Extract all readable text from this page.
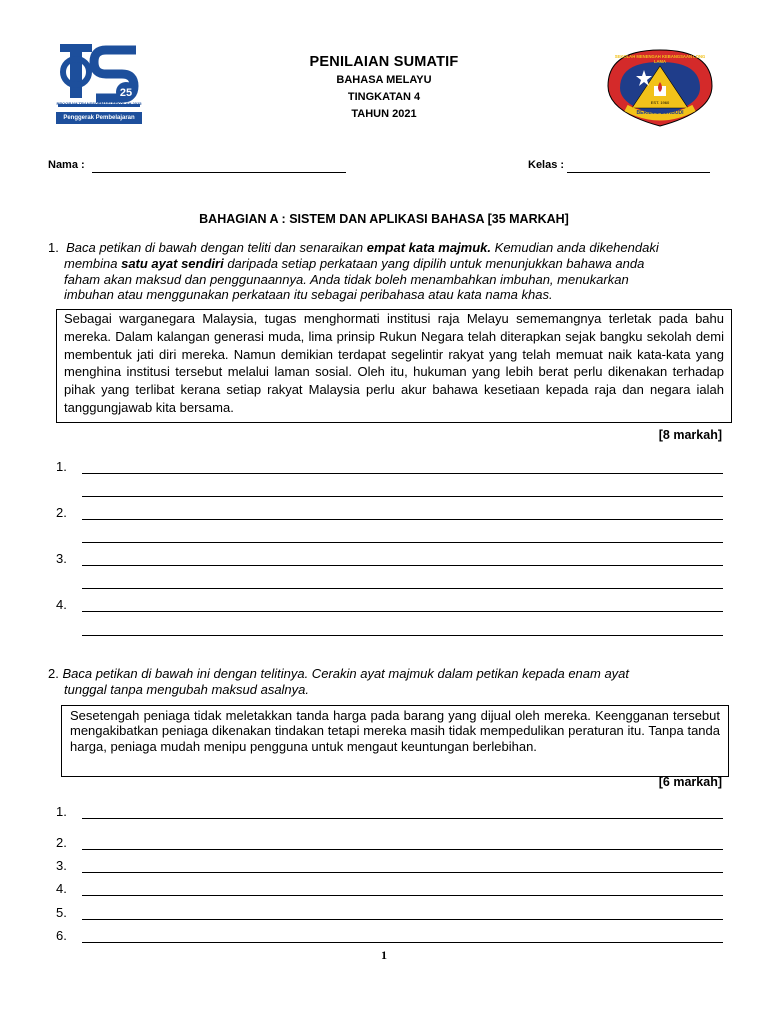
25
PROGRAM TRANSFORMASI SEKOLAH 2025
Penggerak Pembelajaran Bermakna
PENILAIAN SUMATIF
BAHASA MELAYU
TINGKATAN 4
TAHUN 2021
EST. 1960
SEKOLAH MENENGAH KEBANGSAAN LONG LAMA
BERILMU BERBUDI
Nama :	Kelas :
BAHAGIAN A : SISTEM DAN APLIKASI BAHASA [35 MARKAH]
1. Baca petikan di bawah dengan teliti dan senaraikan empat kata majmuk. Kemudian anda dikehendaki
membina satu ayat sendiri daripada setiap perkataan yang dipilih untuk menunjukkan bahawa anda
faham akan maksud dan penggunaannya. Anda tidak boleh menambahkan imbuhan, menukarkan
imbuhan atau menggunakan perkataan itu sebagai peribahasa atau kata nama khas.
Sebagai warganegara Malaysia, tugas menghormati institusi raja Melayu sememangnya terletak pada bahu mereka. Dalam kalangan generasi muda, lima prinsip Rukun Negara telah diterapkan sejak bangku sekolah demi membentuk jati diri mereka. Namun demikian terdapat segelintir rakyat yang telah memuat naik kata-kata yang menghina institusi tersebut melalui laman sosial. Oleh itu, hukuman yang lebih berat perlu dikenakan terhadap pihak yang terlibat kerana setiap rakyat Malaysia perlu akur bahawa kesetiaan kepada raja dan negara ialah tanggungjawab kita bersama.
[8 markah]
1.
2.
3.
4.
2. Baca petikan di bawah ini dengan telitinya. Cerakin ayat majmuk dalam petikan kepada enam ayat
tunggal tanpa mengubah maksud asalnya.
Sesetengah peniaga tidak meletakkan tanda harga pada barang yang dijual oleh mereka. Keengganan tersebut mengakibatkan peniaga dikenakan tindakan tetapi mereka masih tidak mempedulikan peraturan itu. Tanpa tanda harga, peniaga mudah menipu pengguna untuk mengaut keuntungan berlebihan.
[6 markah]
1.
2.
3.
4.
5.
6.
1
